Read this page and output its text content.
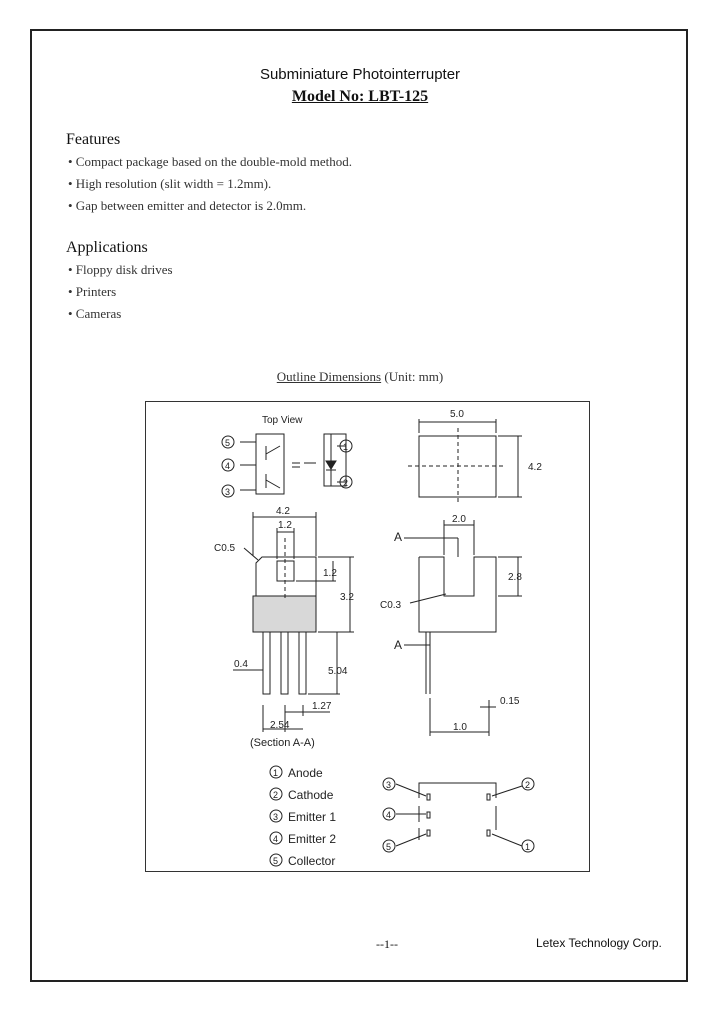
Subminiature Photointerrupter
Model No: LBT-125
Features
• Compact package based on the double-mold method.
• High resolution (slit width = 1.2mm).
• Gap between emitter and detector is 2.0mm.
Applications
• Floppy disk drives
• Printers
• Cameras
Outline Dimensions (Unit: mm)
Top View
5
4
3
1
2
5.0
4.2
4.2
1.2
C0.5
1.2
3.2
0.4
5.04
1.27
2.54
(Section A-A)
A
A
2.0
2.8
C0.3
0.15
1.0
1
2
3
4
5
Anode
Cathode
Emitter 1
Emitter 2
Collector
3
4
5
2
1
--1--	Letex Technology Corp.
